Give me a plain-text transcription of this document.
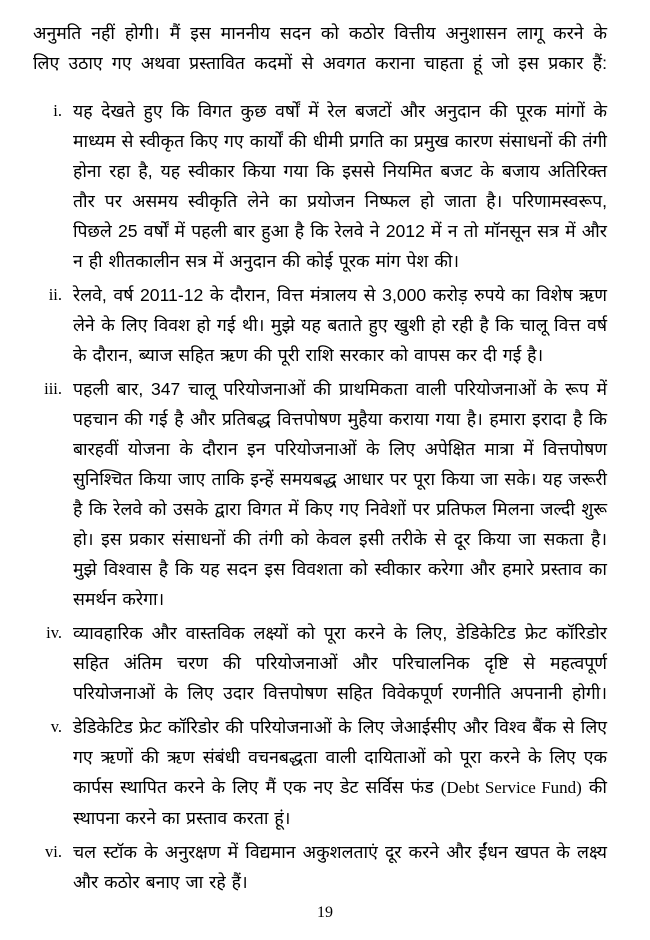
अनुमति नहीं होगी। मैं इस माननीय सदन को कठोर वित्तीय अनुशासन लागू करने के
लिए उठाए गए अथवा प्रस्तावित कदमों से अवगत कराना चाहता हूं जो इस प्रकार हैं:
i. यह देखते हुए कि विगत कुछ वर्षों में रेल बजटों और अनुदान की पूरक मांगों के माध्यम से स्वीकृत किए गए कार्यों की धीमी प्रगति का प्रमुख कारण संसाधनों की तंगी होना रहा है, यह स्वीकार किया गया कि इससे नियमित बजट के बजाय अतिरिक्त तौर पर असमय स्वीकृति लेने का प्रयोजन निष्फल हो जाता है। परिणामस्वरूप, पिछले 25 वर्षों में पहली बार हुआ है कि रेलवे ने 2012 में न तो मॉनसून सत्र में और न ही शीतकालीन सत्र में अनुदान की कोई पूरक मांग पेश की।
ii. रेलवे, वर्ष 2011-12 के दौरान, वित्त मंत्रालय से 3,000 करोड़ रुपये का विशेष ऋण लेने के लिए विवश हो गई थी। मुझे यह बताते हुए खुशी हो रही है कि चालू वित्त वर्ष के दौरान, ब्याज सहित ऋण की पूरी राशि सरकार को वापस कर दी गई है।
iii. पहली बार, 347 चालू परियोजनाओं की प्राथमिकता वाली परियोजनाओं के रूप में पहचान की गई है और प्रतिबद्ध वित्तपोषण मुहैया कराया गया है। हमारा इरादा है कि बारहवीं योजना के दौरान इन परियोजनाओं के लिए अपेक्षित मात्रा में वित्तपोषण सुनिश्चित किया जाए ताकि इन्हें समयबद्ध आधार पर पूरा किया जा सके। यह जरूरी है कि रेलवे को उसके द्वारा विगत में किए गए निवेशों पर प्रतिफल मिलना जल्दी शुरू हो। इस प्रकार संसाधनों की तंगी को केवल इसी तरीके से दूर किया जा सकता है। मुझे विश्वास है कि यह सदन इस विवशता को स्वीकार करेगा और हमारे प्रस्ताव का समर्थन करेगा।
iv. व्यावहारिक और वास्तविक लक्ष्यों को पूरा करने के लिए, डेडिकेटिड फ्रेट कॉरिडोर सहित अंतिम चरण की परियोजनाओं और परिचालनिक दृष्टि से महत्वपूर्ण परियोजनाओं के लिए उदार वित्तपोषण सहित विवेकपूर्ण रणनीति अपनानी होगी।
v. डेडिकेटिड फ्रेट कॉरिडोर की परियोजनाओं के लिए जेआईसीए और विश्व बैंक से लिए गए ऋणों की ऋण संबंधी वचनबद्धता वाली दायिताओं को पूरा करने के लिए एक कार्पस स्थापित करने के लिए मैं एक नए डेट सर्विस फंड (Debt Service Fund) की स्थापना करने का प्रस्ताव करता हूं।
vi. चल स्टॉक के अनुरक्षण में विद्यमान अकुशलताएं दूर करने और ईंधन खपत के लक्ष्य और कठोर बनाए जा रहे हैं।
19
